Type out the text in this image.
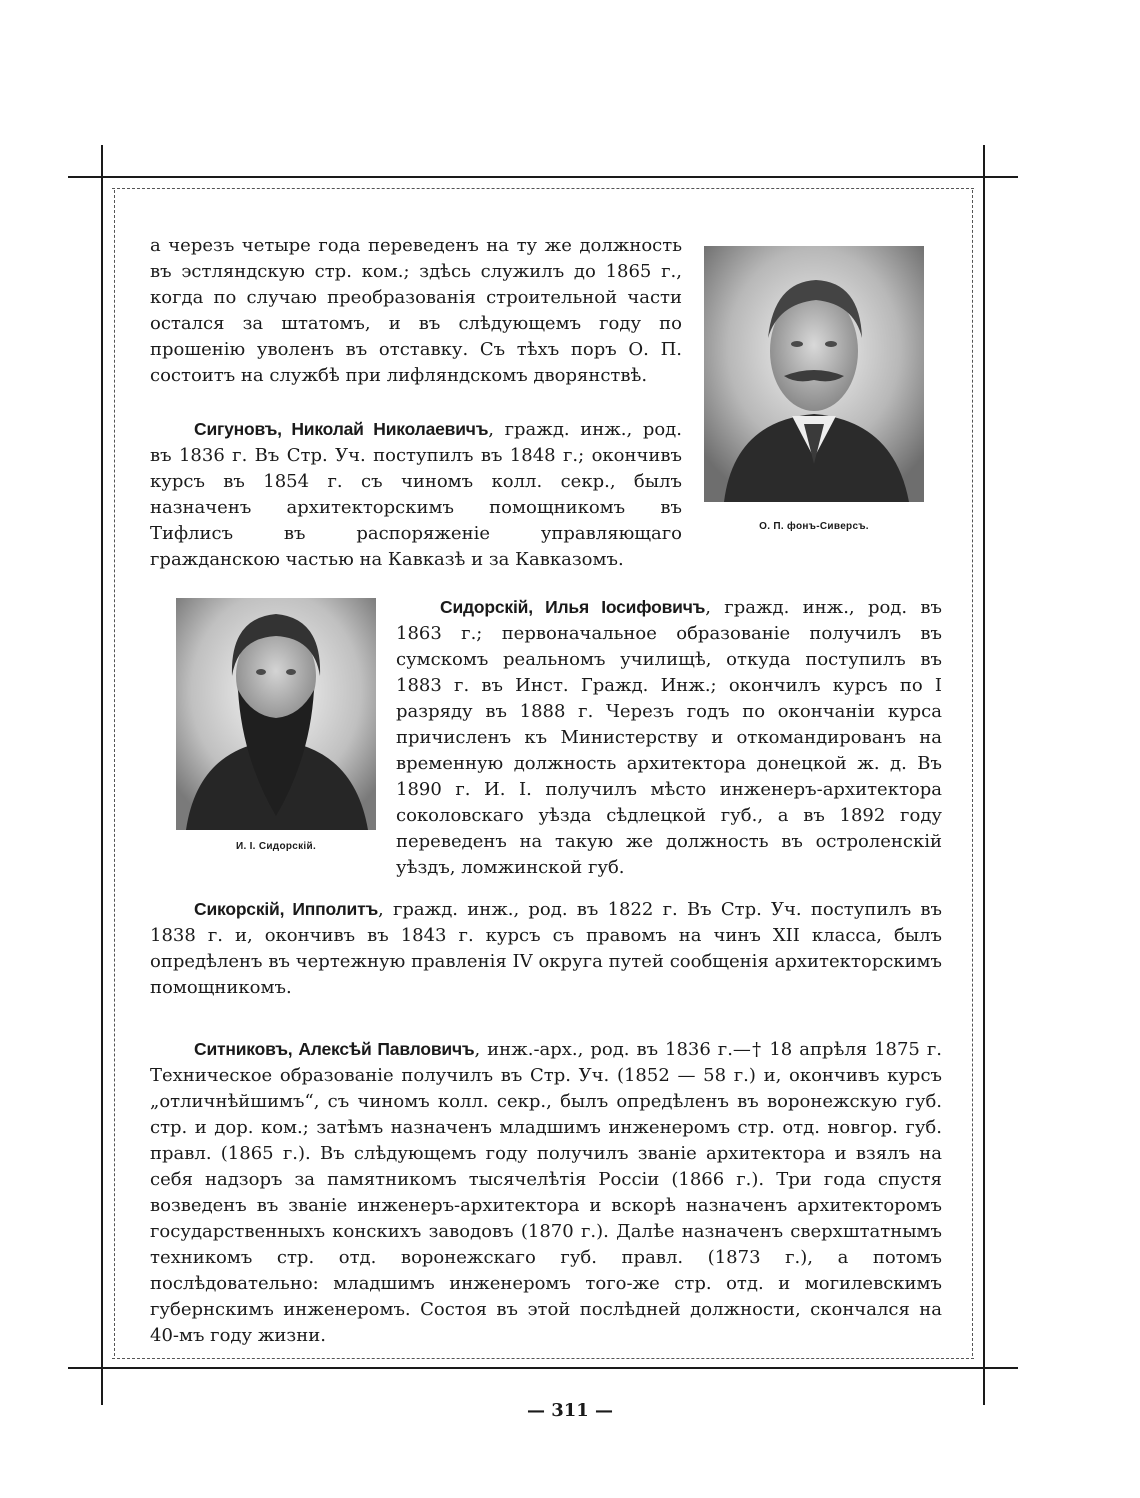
а черезъ четыре года переведенъ на ту же должность въ эстляндскую стр. ком.; здѣсь служилъ до 1865 г., когда по случаю преобразованія строительной части остался за штатомъ, и въ слѣдующемъ году по прошенію уволенъ въ отставку. Съ тѣхъ поръ О. П. состоитъ на службѣ при лифляндскомъ дворянствѣ.

О. П. фонъ-Сиверсъ.

Сигуновъ, Николай Николаевичъ, гражд. инж., род. въ 1836 г. Въ Стр. Уч. поступилъ въ 1848 г.; окончивъ курсъ въ 1854 г. съ чиномъ колл. секр., былъ назначенъ архитекторскимъ помощникомъ въ Тифлисъ въ распоряженіе управляющаго гражданскою частью на Кавказѣ и за Кавказомъ.

И. І. Сидорскій.

Сидорскій, Илья Іосифовичъ, гражд. инж., род. въ 1863 г.; первоначальное образованіе получилъ въ сумскомъ реальномъ училищѣ, откуда поступилъ въ 1883 г. въ Инст. Гражд. Инж.; окончилъ курсъ по I разряду въ 1888 г. Черезъ годъ по окончаніи курса причисленъ къ Министерству и откомандированъ на временную должность архитектора донецкой ж. д. Въ 1890 г. И. І. получилъ мѣсто инженеръ-архитектора соколовскаго уѣзда сѣдлецкой губ., а въ 1892 году переведенъ на такую же должность въ остроленскій уѣздъ, ломжинской губ.

Сикорскій, Ипполитъ, гражд. инж., род. въ 1822 г. Въ Стр. Уч. поступилъ въ 1838 г. и, окончивъ въ 1843 г. курсъ съ правомъ на чинъ XII класса, былъ опредѣленъ въ чертежную правленія IV округа путей сообщенія архитекторскимъ помощникомъ.

Ситниковъ, Алексѣй Павловичъ, инж.-арх., род. въ 1836 г.—† 18 апрѣля 1875 г. Техническое образованіе получилъ въ Стр. Уч. (1852 — 58 г.) и, окончивъ курсъ „отличнѣйшимъ“, съ чиномъ колл. секр., былъ опредѣленъ въ воронежскую губ. стр. и дор. ком.; затѣмъ назначенъ младшимъ инженеромъ стр. отд. новгор. губ. правл. (1865 г.). Въ слѣдующемъ году получилъ званіе архитектора и взялъ на себя надзоръ за памятникомъ тысячелѣтія Россіи (1866 г.). Три года спустя возведенъ въ званіе инженеръ-архитектора и вскорѣ назначенъ архитекторомъ государственныхъ конскихъ заводовъ (1870 г.). Далѣе назначенъ сверхштатнымъ техникомъ стр. отд. воронежскаго губ. правл. (1873 г.), а потомъ послѣдовательно: младшимъ инженеромъ того-же стр. отд. и могилевскимъ губернскимъ инженеромъ. Состоя въ этой послѣдней должности, скончался на 40-мъ году жизни.

— 311 —
